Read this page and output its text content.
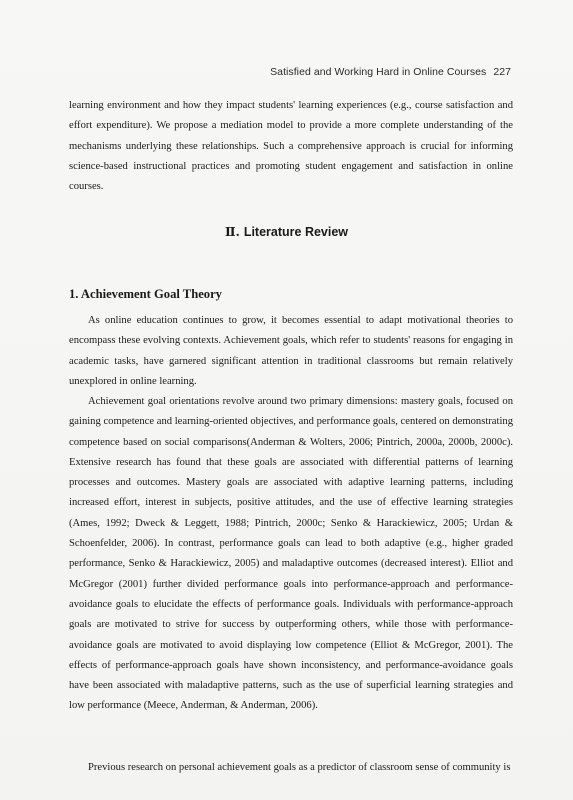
Satisfied and Working Hard in Online Courses 227

learning environment and how they impact students' learning experiences (e.g., course satisfaction and effort expenditure). We propose a mediation model to provide a more complete understanding of the mechanisms underlying these relationships. Such a comprehensive approach is crucial for informing science-based instructional practices and promoting student engagement and satisfaction in online courses.

Ⅱ. Literature Review
1. Achievement Goal Theory

As online education continues to grow, it becomes essential to adapt motivational theories to encompass these evolving contexts. Achievement goals, which refer to students' reasons for engaging in academic tasks, have garnered significant attention in traditional classrooms but remain relatively unexplored in online learning.

Achievement goal orientations revolve around two primary dimensions: mastery goals, focused on gaining competence and learning-oriented objectives, and performance goals, centered on demonstrating competence based on social comparisons(Anderman & Wolters, 2006; Pintrich, 2000a, 2000b, 2000c). Extensive research has found that these goals are associated with differential patterns of learning processes and outcomes. Mastery goals are associated with adaptive learning patterns, including increased effort, interest in subjects, positive attitudes, and the use of effective learning strategies (Ames, 1992; Dweck & Leggett, 1988; Pintrich, 2000c; Senko & Harackiewicz, 2005; Urdan & Schoenfelder, 2006). In contrast, performance goals can lead to both adaptive (e.g., higher graded performance, Senko & Harackiewicz, 2005) and maladaptive outcomes (decreased interest). Elliot and McGregor (2001) further divided performance goals into performance-approach and performance-avoidance goals to elucidate the effects of performance goals. Individuals with performance-approach goals are motivated to strive for success by outperforming others, while those with performance-avoidance goals are motivated to avoid displaying low competence (Elliot & McGregor, 2001). The effects of performance-approach goals have shown inconsistency, and performance-avoidance goals have been associated with maladaptive patterns, such as the use of superficial learning strategies and low performance (Meece, Anderman, & Anderman, 2006).

Previous research on personal achievement goals as a predictor of classroom sense of community is
